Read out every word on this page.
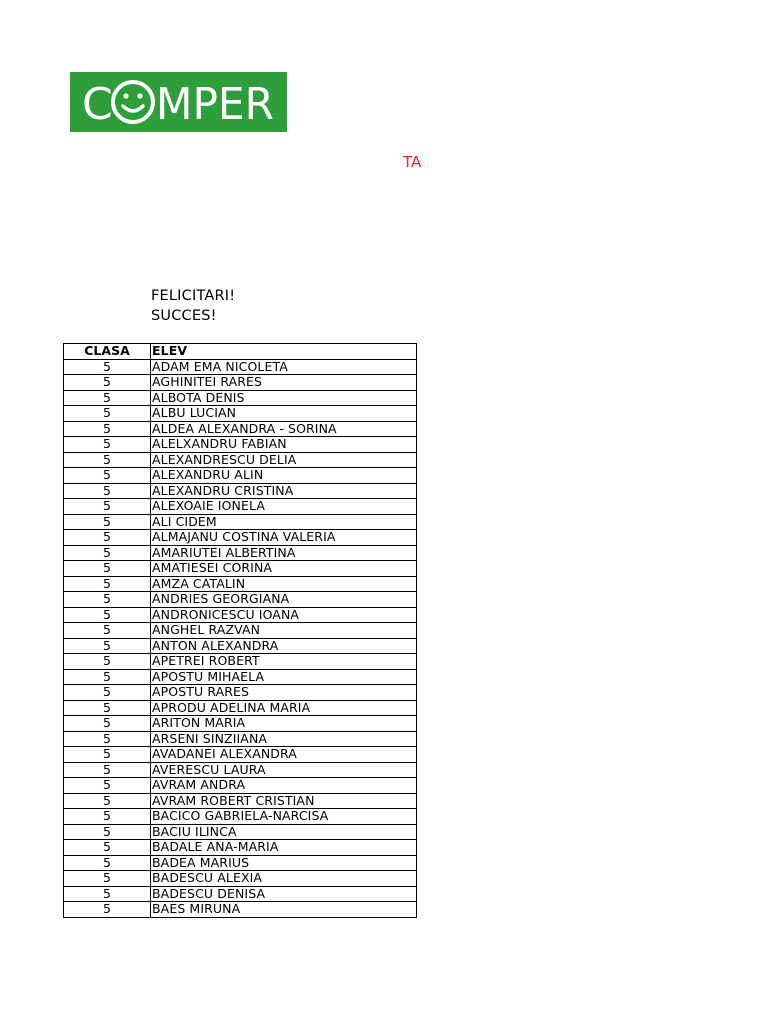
C MPER
TA
FELICITARI!
SUCCES!
CLASA	ELEV
5	ADAM EMA NICOLETA
5	AGHINITEI RARES
5	ALBOTA DENIS
5	ALBU LUCIAN
5	ALDEA ALEXANDRA - SORINA
5	ALELXANDRU FABIAN
5	ALEXANDRESCU DELIA
5	ALEXANDRU ALIN
5	ALEXANDRU CRISTINA
5	ALEXOAIE IONELA
5	ALI CIDEM
5	ALMAJANU COSTINA VALERIA
5	AMARIUTEI ALBERTINA
5	AMATIESEI CORINA
5	AMZA CATALIN
5	ANDRIES GEORGIANA
5	ANDRONICESCU IOANA
5	ANGHEL RAZVAN
5	ANTON ALEXANDRA
5	APETREI ROBERT
5	APOSTU MIHAELA
5	APOSTU RARES
5	APRODU ADELINA MARIA
5	ARITON MARIA
5	ARSENI SINZIIANA
5	AVADANEI ALEXANDRA
5	AVERESCU LAURA
5	AVRAM ANDRA
5	AVRAM ROBERT CRISTIAN
5	BACICO GABRIELA-NARCISA
5	BACIU ILINCA
5	BADALE ANA-MARIA
5	BADEA MARIUS
5	BADESCU ALEXIA
5	BADESCU DENISA
5	BAES MIRUNA
